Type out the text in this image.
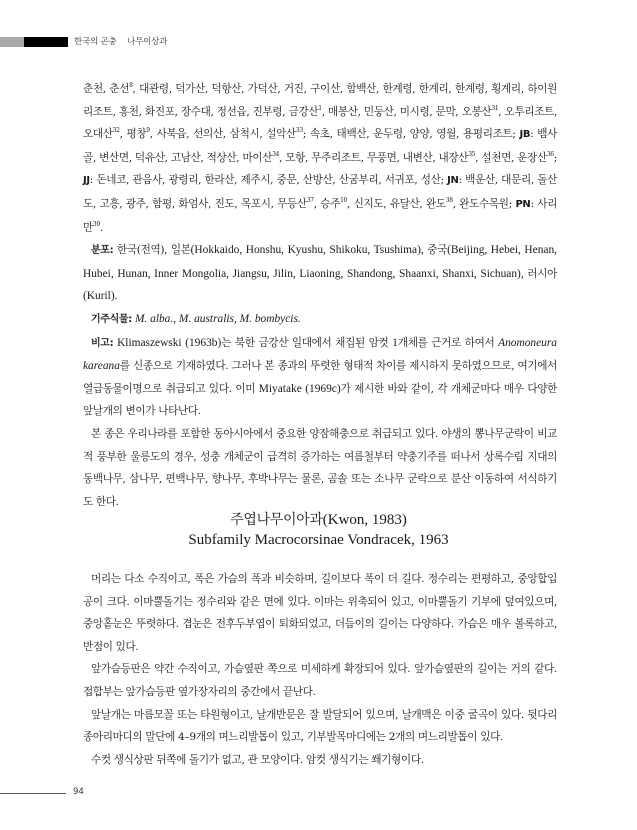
한국의 곤충 나무이상과

춘천, 춘선$^8$, 대관령, 덕가산, 덕항산, 가덕산, 거진, 구이산, 함백산, 한계령, 한계리, 한계령, 횡계리, 하이원 리조트, 홍천, 화진포, 장수대, 정선읍, 진부령, 금강산$^1$, 매봉산, 민둥산, 미시령, 문막, 오봉산$^{31}$, 오투리조트, 오대산$^{32}$, 평창$^9$, 사북읍, 선의산, 삼척시, 설악산$^{33}$; 속초, 태백산, 운두령, 양양, 영월, 용평리조트; JB: 뱀사골, 변산면, 덕유산, 고남산, 적상산, 마이산$^{34}$, 모항, 무주리조트, 무풍면, 내변산, 내장산$^{35}$, 설천면, 운장산$^{36}$; JJ: 돈네코, 관음사, 광령리, 한라산, 제주시, 중문, 산방산, 산굼부리, 서귀포, 성산; JN: 백운산, 대문리, 돌산도, 고흥, 광주, 함평, 화엄사, 진도, 목포시, 무등산$^{37}$, 승주$^{10}$, 신지도, 유달산, 완도$^{38}$, 완도수목원; PN: 사리만$^{39}$.

분포: 한국(전역), 일본(Hokkaido, Honshu, Kyushu, Shikoku, Tsushima), 중국(Beijing, Hebei, Henan, Hubei, Hunan, Inner Mongolia, Jiangsu, Jilin, Liaoning, Shandong, Shaanxi, Shanxi, Sichuan), 러시아(Kuril).

기주식물: M. alba., M. australis, M. bombycis.

비고: Klimaszewski (1963b)는 북한 금강산 일대에서 채집된 암컷 1개체를 근거로 하여서 Anomoneura kareana를 신종으로 기재하였다. 그러나 본 종과의 뚜렷한 형태적 차이를 제시하지 못하였으므로, 여기에서 열급동물이명으로 취급되고 있다. 이미 Miyatake (1969c)가 제시한 바와 같이, 각 개체군마다 매우 다양한 앞날개의 변이가 나타난다.

본 종은 우리나라를 포함한 동아시아에서 중요한 양잠해충으로 취급되고 있다. 야생의 뽕나무군락이 비교적 풍부한 울릉도의 경우, 성충 개체군이 급격히 증가하는 여름철부터 약충기주를 떠나서 상록수림 지대의 동백나무, 삼나무, 편백나무, 향나무, 후박나무는 물론, 곰솔 또는 소나무 군락으로 분산 이동하여 서식하기도 한다.

주엽나무이아과(Kwon, 1983)
Subfamily Macrocorsinae Vondracek, 1963

머리는 다소 수직이고, 폭은 가슴의 폭과 비슷하며, 길이보다 폭이 더 길다. 정수리는 편평하고, 중앙합입공이 크다. 이마뿔돌기는 정수리와 같은 면에 있다. 이마는 위축되어 있고, 이마뿔돌기 기부에 덮여있으며, 중앙홑눈은 뚜렷하다. 겹눈은 전후두부엽이 퇴화되었고, 더듬이의 길이는 다양하다. 가슴은 매우 볼록하고, 반점이 있다.

앞가슴등판은 약간 수직이고, 가슴옆판 쪽으로 미세하게 확장되어 있다. 앞가슴옆판의 길이는 거의 같다. 접합부는 앞가슴등판 옆가장자리의 중간에서 끝난다.

앞날개는 마름모꼴 또는 타원형이고, 날개반문은 잘 발달되어 있으며, 날개맥은 이중 굴곡이 있다. 뒷다리 종아리마디의 말단에 4–9개의 며느리발톱이 있고, 기부발목마디에는 2개의 며느리발톱이 있다.

수컷 생식상판 뒤쪽에 돌기가 없고, 관 모양이다. 암컷 생식기는 쐐기형이다.

94
